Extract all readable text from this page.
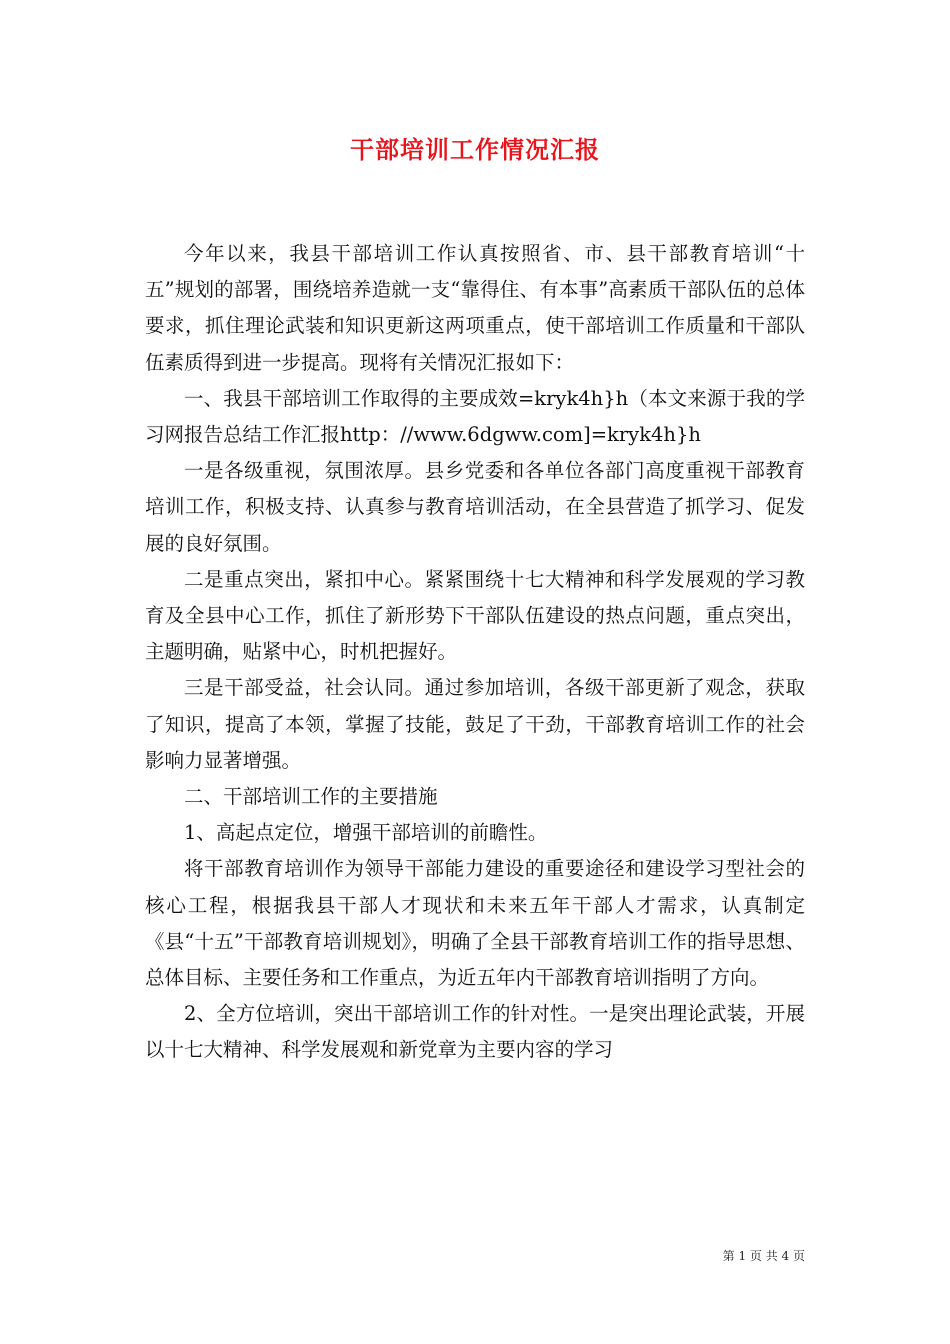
干部培训工作情况汇报

今年以来，我县干部培训工作认真按照省、市、县干部教育培训“十五”规划的部署，围绕培养造就一支“靠得住、有本事”高素质干部队伍的总体要求，抓住理论武装和知识更新这两项重点，使干部培训工作质量和干部队伍素质得到进一步提高。现将有关情况汇报如下：

一、我县干部培训工作取得的主要成效=kryk4h}h（本文来源于我的学习网报告总结工作汇报http：//www.6dgww.com]=kryk4h}h

一是各级重视，氛围浓厚。县乡党委和各单位各部门高度重视干部教育培训工作，积极支持、认真参与教育培训活动，在全县营造了抓学习、促发展的良好氛围。

二是重点突出，紧扣中心。紧紧围绕十七大精神和科学发展观的学习教育及全县中心工作，抓住了新形势下干部队伍建设的热点问题，重点突出，主题明确，贴紧中心，时机把握好。

三是干部受益，社会认同。通过参加培训，各级干部更新了观念，获取了知识，提高了本领，掌握了技能，鼓足了干劲，干部教育培训工作的社会影响力显著增强。

二、干部培训工作的主要措施

1、高起点定位，增强干部培训的前瞻性。

将干部教育培训作为领导干部能力建设的重要途径和建设学习型社会的核心工程，根据我县干部人才现状和未来五年干部人才需求，认真制定《县“十五”干部教育培训规划》，明确了全县干部教育培训工作的指导思想、总体目标、主要任务和工作重点，为近五年内干部教育培训指明了方向。

2、全方位培训，突出干部培训工作的针对性。一是突出理论武装，开展以十七大精神、科学发展观和新党章为主要内容的学习

第 1 页 共 4 页
